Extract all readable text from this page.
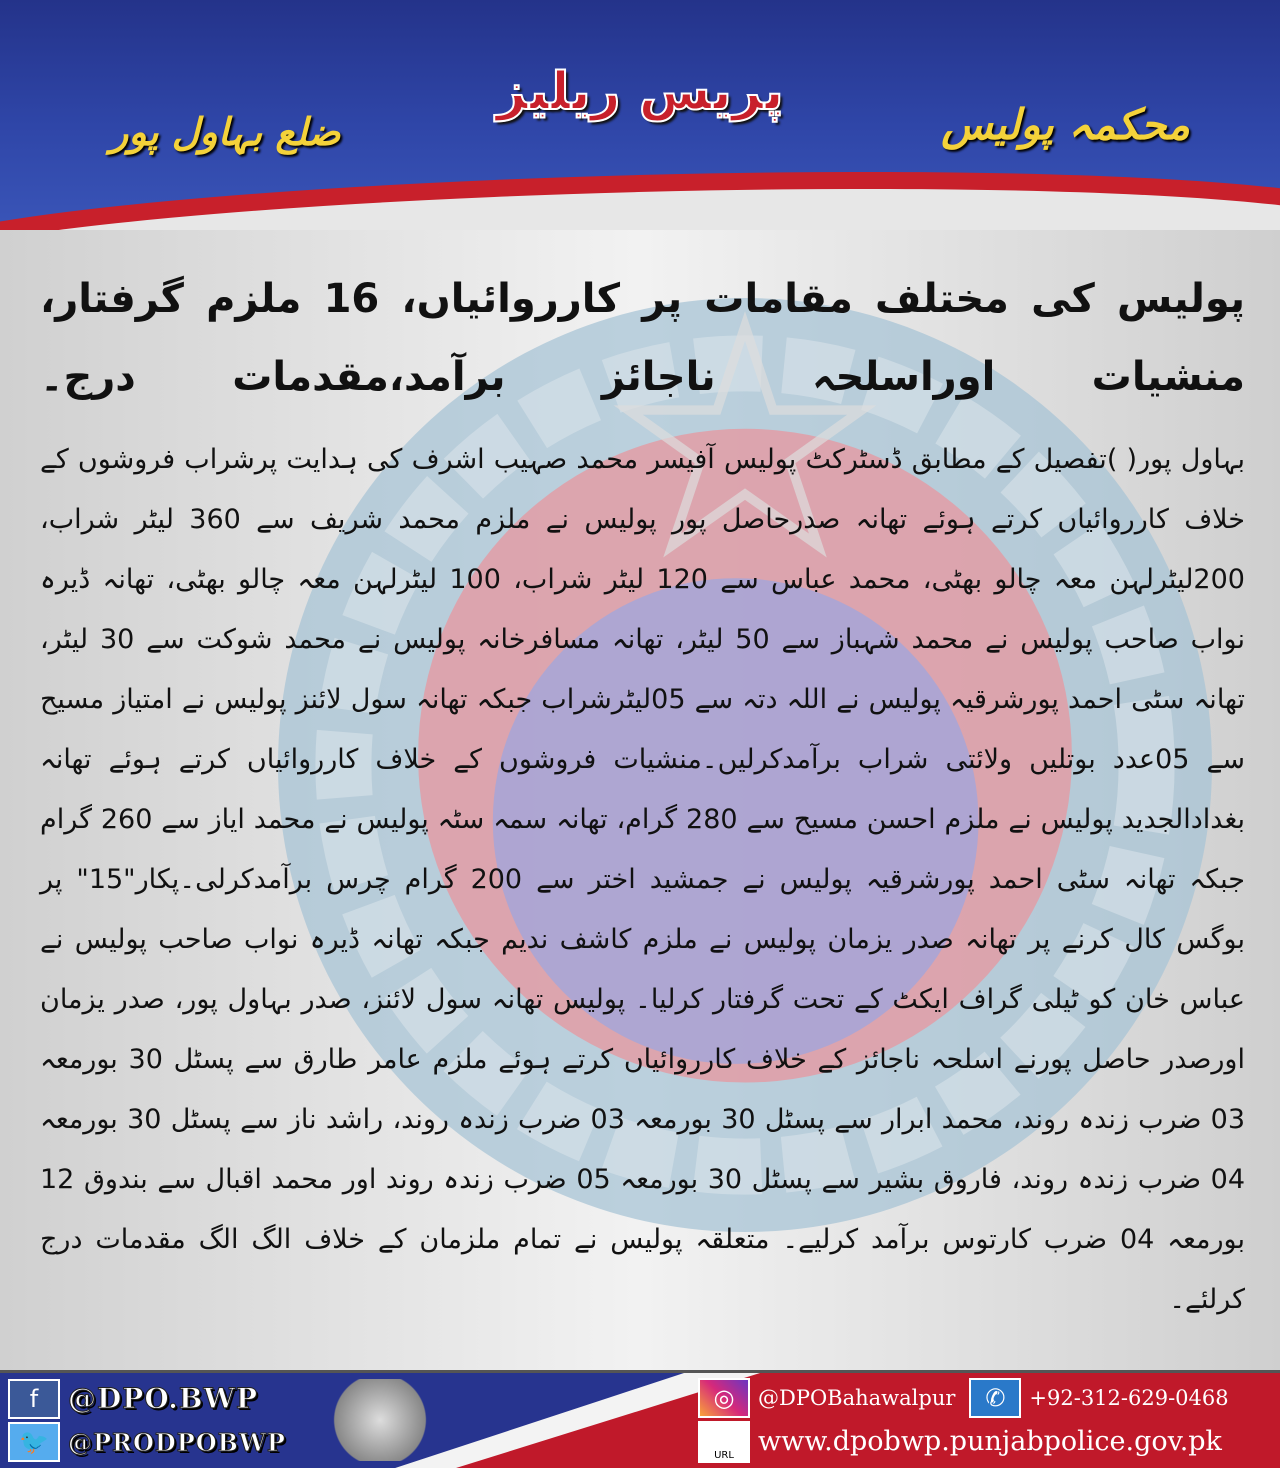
پریس ریلیز
محکمہ پولیس
ضلع بہاول پور
پولیس کی مختلف مقامات پر کارروائیاں، 16 ملزم گرفتار،
منشیات اوراسلحہ ناجائز برآمد،مقدمات درج۔
بہاول پور( )تفصیل کے مطابق ڈسٹرکٹ پولیس آفیسر محمد صہیب اشرف کی ہدایت پرشراب فروشوں کے خلاف کارروائیاں کرتے ہوئے تھانہ صدرحاصل پور پولیس نے ملزم محمد شریف سے 360 لیٹر شراب، 200لیٹرلہن معہ چالو بھٹی، محمد عباس سے 120 لیٹر شراب، 100 لیٹرلہن معہ چالو بھٹی، تھانہ ڈیرہ نواب صاحب پولیس نے محمد شہباز سے 50 لیٹر، تھانہ مسافرخانہ پولیس نے محمد شوکت سے 30 لیٹر، تھانہ سٹی احمد پورشرقیہ پولیس نے اللہ دتہ سے 05لیٹرشراب جبکہ تھانہ سول لائنز پولیس نے امتیاز مسیح سے 05عدد بوتلیں ولائتی شراب برآمدکرلیں۔منشیات فروشوں کے خلاف کارروائیاں کرتے ہوئے تھانہ بغدادالجدید پولیس نے ملزم احسن مسیح سے 280 گرام، تھانہ سمہ سٹہ پولیس نے محمد ایاز سے 260 گرام جبکہ تھانہ سٹی احمد پورشرقیہ پولیس نے جمشید اختر سے 200 گرام چرس برآمدکرلی۔پکار"15" پر بوگس کال کرنے پر تھانہ صدر یزمان پولیس نے ملزم کاشف ندیم جبکہ تھانہ ڈیرہ نواب صاحب پولیس نے عباس خان کو ٹیلی گراف ایکٹ کے تحت گرفتار کرلیا۔ پولیس تھانہ سول لائنز، صدر بہاول پور، صدر یزمان اورصدر حاصل پورنے اسلحہ ناجائز کے خلاف کارروائیاں کرتے ہوئے ملزم عامر طارق سے پسٹل 30 بورمعہ 03 ضرب زندہ روند، محمد ابرار سے پسٹل 30 بورمعہ 03 ضرب زندہ روند، راشد ناز سے پسٹل 30 بورمعہ 04 ضرب زندہ روند، فاروق بشیر سے پسٹل 30 بورمعہ 05 ضرب زندہ روند اور محمد اقبال سے بندوق 12 بورمعہ 04 ضرب کارتوس برآمد کرلیے۔ متعلقہ پولیس نے تمام ملزمان کے خلاف الگ الگ مقدمات درج کرلئے۔
f	@DPO.BWP
🐦 @PRODPOBWP
◎	@DPOBahawalpur	✆	+92-312-629-0468
URL www.dpobwp.punjabpolice.gov.pk
